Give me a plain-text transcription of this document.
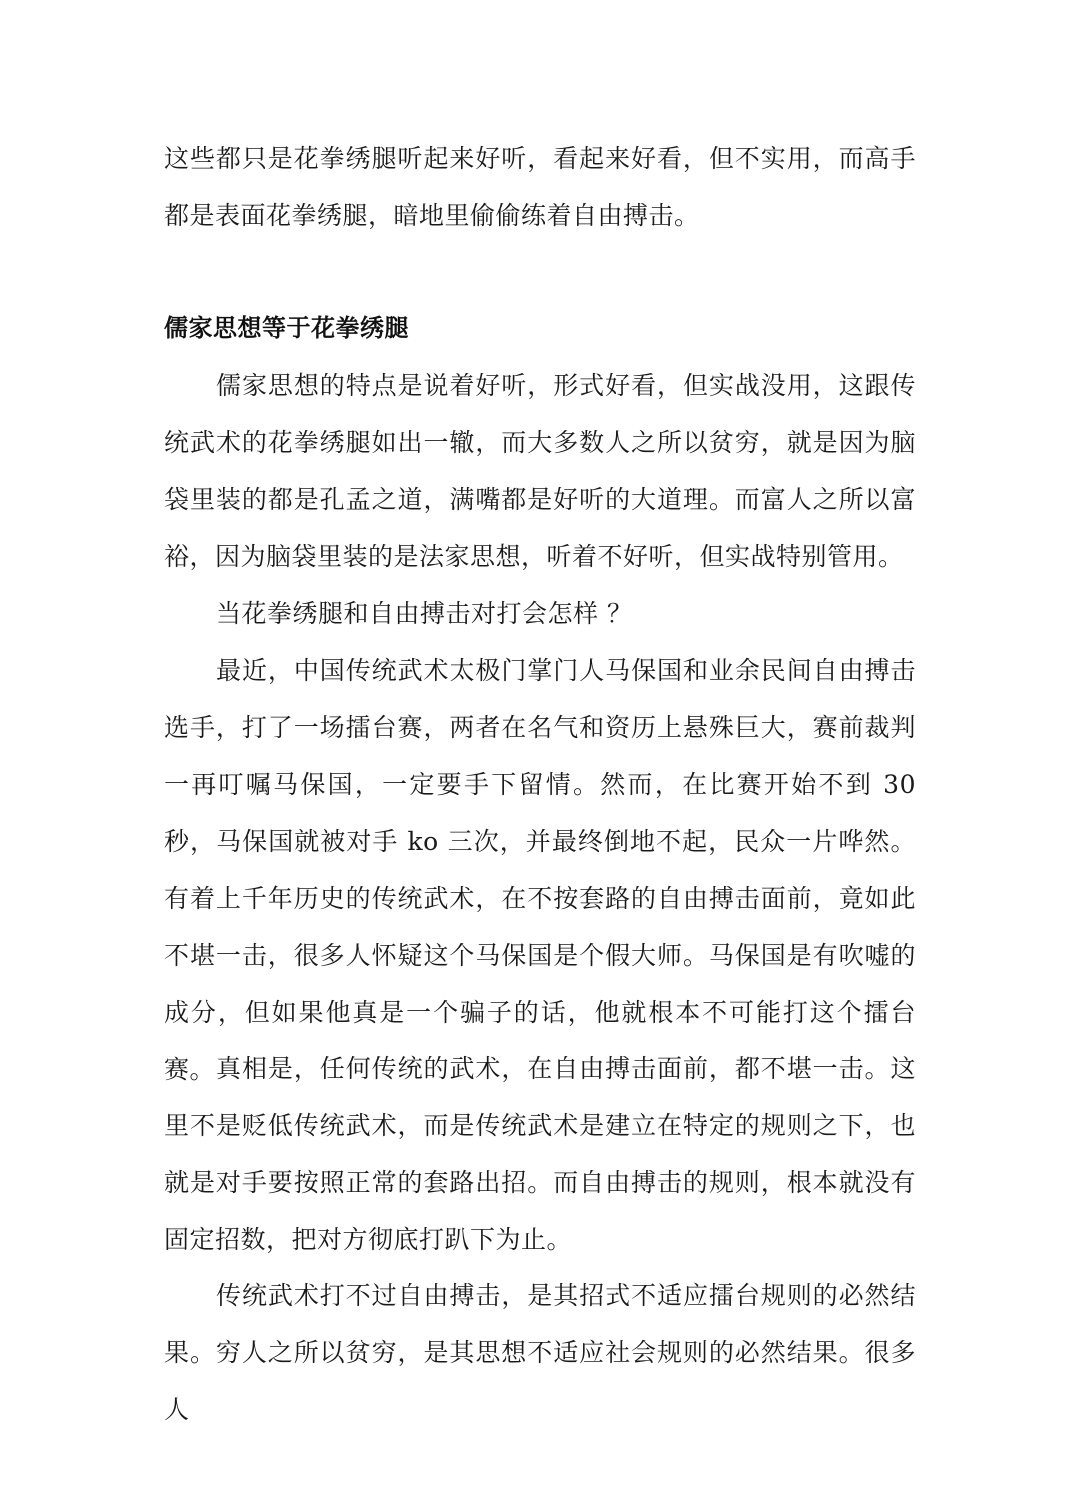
这些都只是花拳绣腿听起来好听，看起来好看，但不实用，而高手都是表面花拳绣腿，暗地里偷偷练着自由搏击。

儒家思想等于花拳绣腿

儒家思想的特点是说着好听，形式好看，但实战没用，这跟传统武术的花拳绣腿如出一辙，而大多数人之所以贫穷，就是因为脑袋里装的都是孔孟之道，满嘴都是好听的大道理。而富人之所以富裕，因为脑袋里装的是法家思想，听着不好听，但实战特别管用。

当花拳绣腿和自由搏击对打会怎样 ？

最近，中国传统武术太极门掌门人马保国和业余民间自由搏击选手，打了一场擂台赛，两者在名气和资历上悬殊巨大，赛前裁判一再叮嘱马保国，一定要手下留情。然而，在比赛开始不到 30 秒，马保国就被对手 ko 三次，并最终倒地不起，民众一片哗然。有着上千年历史的传统武术，在不按套路的自由搏击面前，竟如此不堪一击，很多人怀疑这个马保国是个假大师。马保国是有吹嘘的成分，但如果他真是一个骗子的话，他就根本不可能打这个擂台赛。 真相是，任何传统的武术，在自由搏击面前，都不堪一击。这里不是贬低传统武术，而是传统武术是建立在特定的规则之下，也就是对手要按照正常的套路出招。而自由搏击的规则，根本就没有固定招数，把对方彻底打趴下为止。

传统武术打不过自由搏击，是其招式不适应擂台规则的必然结果。穷人之所以贫穷，是其思想不适应社会规则的必然结果。很多人
